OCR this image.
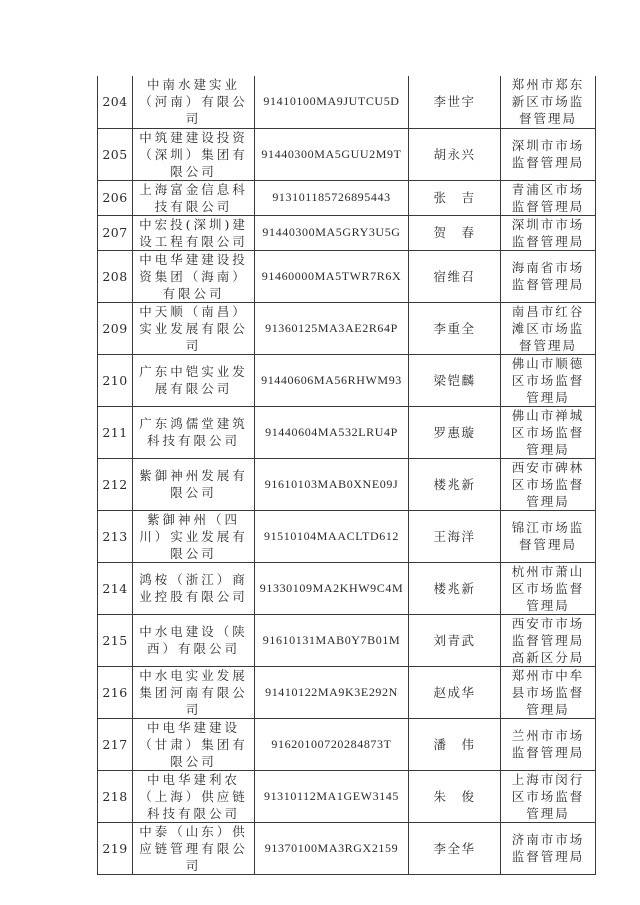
204	中南水建实业（河南）有限公司	91410100MA9JUTCU5D	李世宇	郑州市郑东新区市场监督管理局
205	中筑建建设投资（深圳）集团有限公司	91440300MA5GUU2M9T	胡永兴	深圳市市场监督管理局
206	上海富金信息科技有限公司	913101185726895443	张　吉	青浦区市场监督管理局
207	中宏投(深圳)建设工程有限公司	91440300MA5GRY3U5G	贺　春	深圳市市场监督管理局
208	中电华建建设投资集团（海南）有限公司	91460000MA5TWR7R6X	宿维召	海南省市场监督管理局
209	中天顺（南昌）实业发展有限公司	91360125MA3AE2R64P	李重全	南昌市红谷滩区市场监督管理局
210	广东中铠实业发展有限公司	91440606MA56RHWM93	梁铠麟	佛山市顺德区市场监督管理局
211	广东鸿儒堂建筑科技有限公司	91440604MA532LRU4P	罗惠璇	佛山市禅城区市场监督管理局
212	紫御神州发展有限公司	91610103MAB0XNE09J	楼兆新	西安市碑林区市场监督管理局
213	紫御神州（四川）实业发展有限公司	91510104MAACLTD612	王海洋	锦江市场监督管理局
214	鸿桉（浙江）商业控股有限公司	91330109MA2KHW9C4M	楼兆新	杭州市萧山区市场监督管理局
215	中水电建设（陕西）有限公司	91610131MAB0Y7B01M	刘青武	西安市市场监督管理局高新区分局
216	中水电实业发展集团河南有限公司	91410122MA9K3E292N	赵成华	郑州市中牟县市场监督管理局
217	中电华建建设（甘肃）集团有限公司	91620100720284873T	潘　伟	兰州市市场监督管理局
218	中电华建利农（上海）供应链科技有限公司	91310112MA1GEW3145	朱　俊	上海市闵行区市场监督管理局
219	中泰（山东）供应链管理有限公司	91370100MA3RGX2159	李全华	济南市市场监督管理局
